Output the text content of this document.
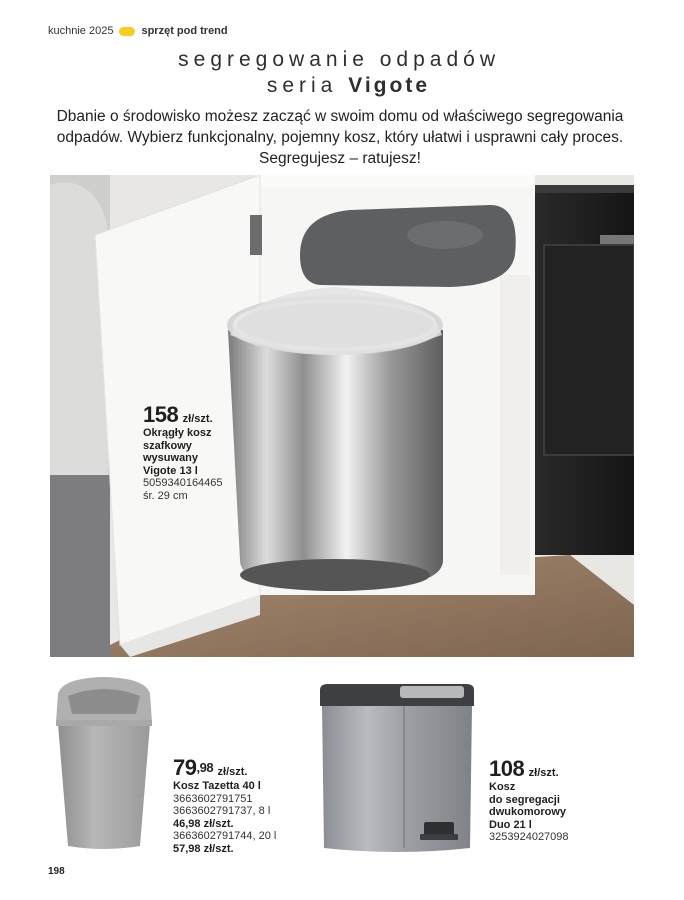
kuchnie 2025	sprzęt pod trend
segregowanie odpadów
seria Vigote
Dbanie o środowisko możesz zacząć w swoim domu od właściwego segregowania
odpadów. Wybierz funkcjonalny, pojemny kosz, który ułatwi i usprawni cały proces.
Segregujesz – ratujesz!
158 zł/szt.
Okrągły kosz
szafkowy
wysuwany
Vigote 13 l
5059340164465
śr. 29 cm
$79^{,98}$ zł/szt.
Kosz Tazetta 40 l
3663602791751
3663602791737, 8 l
46,98 zł/szt.
3663602791744, 20 l
57,98 zł/szt.
108 zł/szt.
Kosz
do segregacji
dwukomorowy
Duo 21 l
3253924027098
198
